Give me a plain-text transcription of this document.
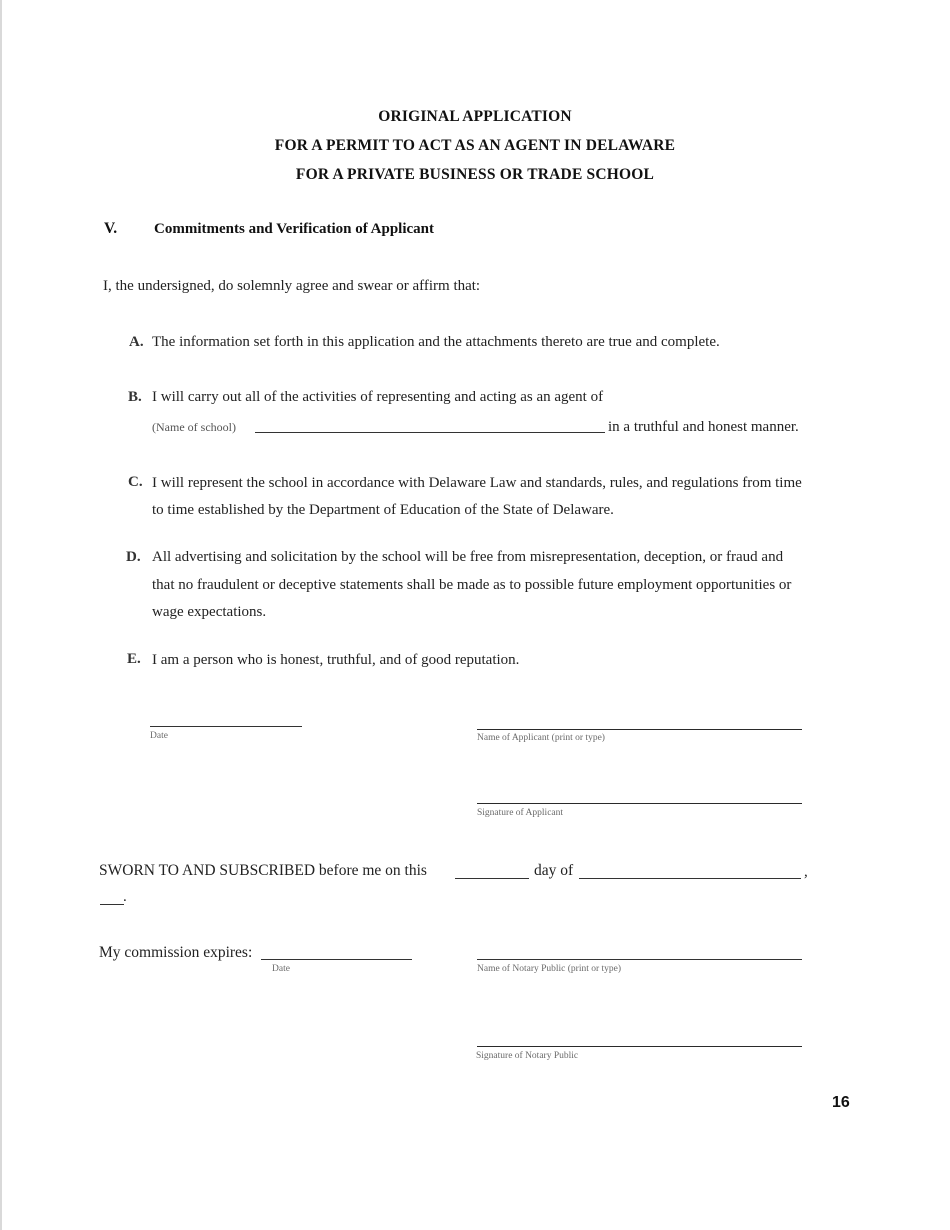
ORIGINAL APPLICATION
FOR A PERMIT TO ACT AS AN AGENT IN DELAWARE
FOR A PRIVATE BUSINESS OR TRADE SCHOOL
V. Commitments and Verification of Applicant
I, the undersigned, do solemnly agree and swear or affirm that:
A. The information set forth in this application and the attachments thereto are true and complete.
B. I will carry out all of the activities of representing and acting as an agent of
(Name of school)	in a truthful and honest manner.
C. I will represent the school in accordance with Delaware Law and standards, rules, and regulations from time
to time established by the Department of Education of the State of Delaware.
D. All advertising and solicitation by the school will be free from misrepresentation, deception, or fraud and
that no fraudulent or deceptive statements shall be made as to possible future employment opportunities or
wage expectations.
E. I am a person who is honest, truthful, and of good reputation.
Date	Name of Applicant (print or type)
Signature of Applicant
SWORN TO AND SUBSCRIBED before me on this	day of	,
.
My commission expires:
Date	Name of Notary Public (print or type)
Signature of Notary Public
16
